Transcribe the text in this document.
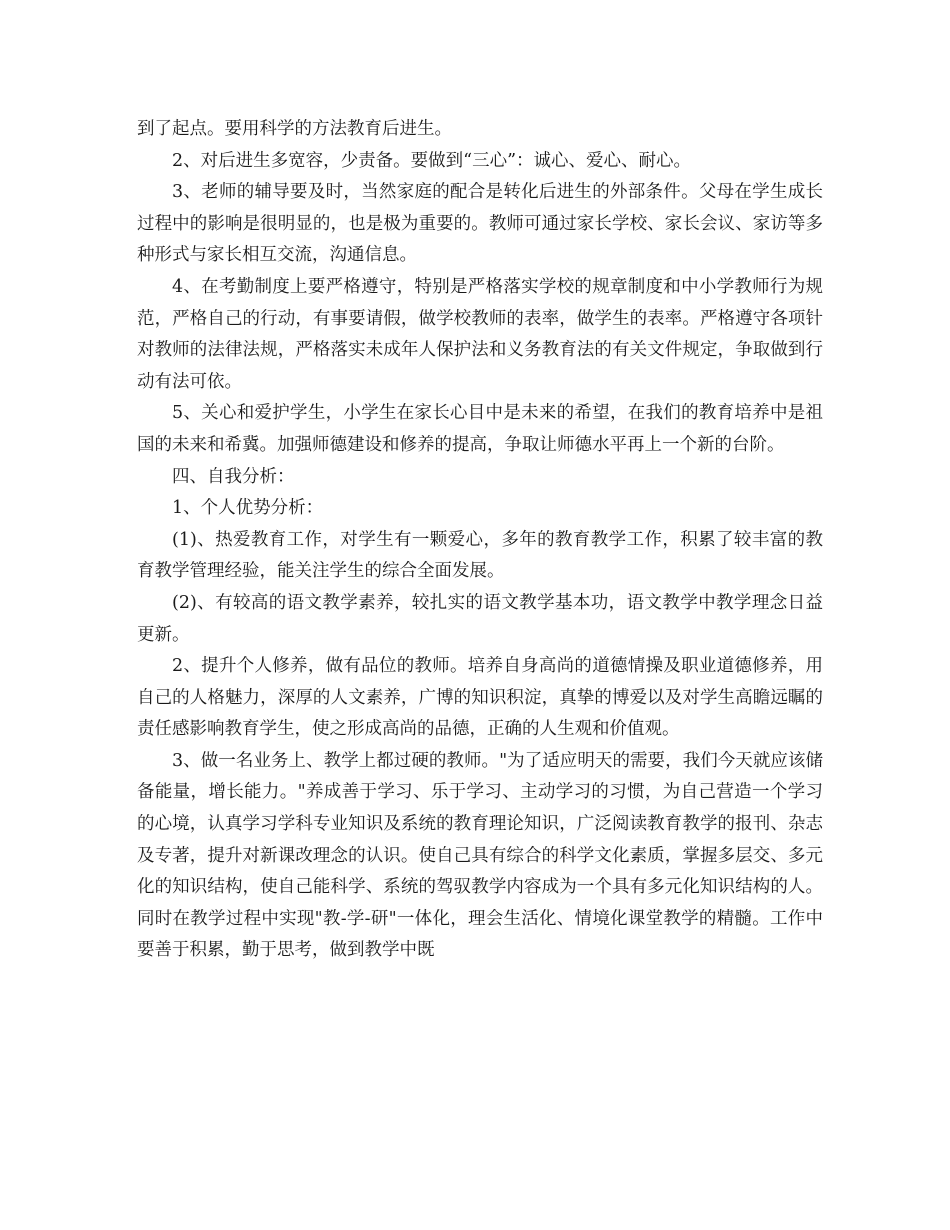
到了起点。要用科学的方法教育后进生。

2、对后进生多宽容，少责备。要做到“三心”：诚心、爱心、耐心。

3、老师的辅导要及时，当然家庭的配合是转化后进生的外部条件。父母在学生成长过程中的影响是很明显的，也是极为重要的。教师可通过家长学校、家长会议、家访等多种形式与家长相互交流，沟通信息。

4、在考勤制度上要严格遵守，特别是严格落实学校的规章制度和中小学教师行为规范，严格自己的行动，有事要请假，做学校教师的表率，做学生的表率。严格遵守各项针对教师的法律法规，严格落实未成年人保护法和义务教育法的有关文件规定，争取做到行动有法可依。

5、关心和爱护学生，小学生在家长心目中是未来的希望，在我们的教育培养中是祖国的未来和希冀。加强师德建设和修养的提高，争取让师德水平再上一个新的台阶。

四、自我分析：

1、个人优势分析：

(1)、热爱教育工作，对学生有一颗爱心，多年的教育教学工作，积累了较丰富的教育教学管理经验，能关注学生的综合全面发展。

(2)、有较高的语文教学素养，较扎实的语文教学基本功，语文教学中教学理念日益更新。

2、提升个人修养，做有品位的教师。培养自身高尚的道德情操及职业道德修养，用自己的人格魅力，深厚的人文素养，广博的知识积淀，真挚的博爱以及对学生高瞻远瞩的责任感影响教育学生，使之形成高尚的品德，正确的人生观和价值观。

3、做一名业务上、教学上都过硬的教师。"为了适应明天的需要，我们今天就应该储备能量，增长能力。"养成善于学习、乐于学习、主动学习的习惯，为自己营造一个学习的心境，认真学习学科专业知识及系统的教育理论知识，广泛阅读教育教学的报刊、杂志及专著，提升对新课改理念的认识。使自己具有综合的科学文化素质，掌握多层交、多元化的知识结构，使自己能科学、系统的驾驭教学内容成为一个具有多元化知识结构的人。同时在教学过程中实现"教-学-研"一体化，理会生活化、情境化课堂教学的精髓。工作中要善于积累，勤于思考，做到教学中既
